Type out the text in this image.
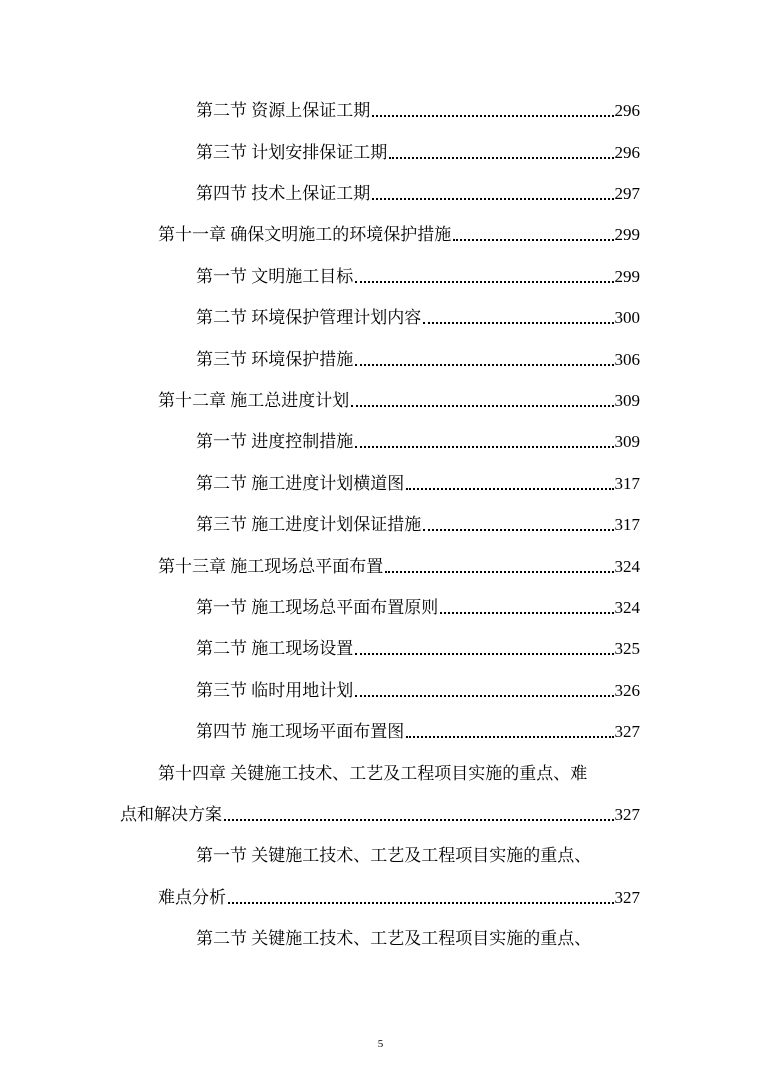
第二节 资源上保证工期	296
第三节 计划安排保证工期	296
第四节 技术上保证工期	297
第十一章 确保文明施工的环境保护措施	299
第一节 文明施工目标	299
第二节 环境保护管理计划内容	300
第三节 环境保护措施	306
第十二章 施工总进度计划	309
第一节 进度控制措施	309
第二节 施工进度计划横道图	317
第三节 施工进度计划保证措施	317
第十三章 施工现场总平面布置	324
第一节 施工现场总平面布置原则	324
第二节 施工现场设置	325
第三节 临时用地计划	326
第四节 施工现场平面布置图	327
第十四章 关键施工技术、工艺及工程项目实施的重点、难
点和解决方案	327
第一节 关键施工技术、工艺及工程项目实施的重点、
难点分析	327
第二节 关键施工技术、工艺及工程项目实施的重点、
5
